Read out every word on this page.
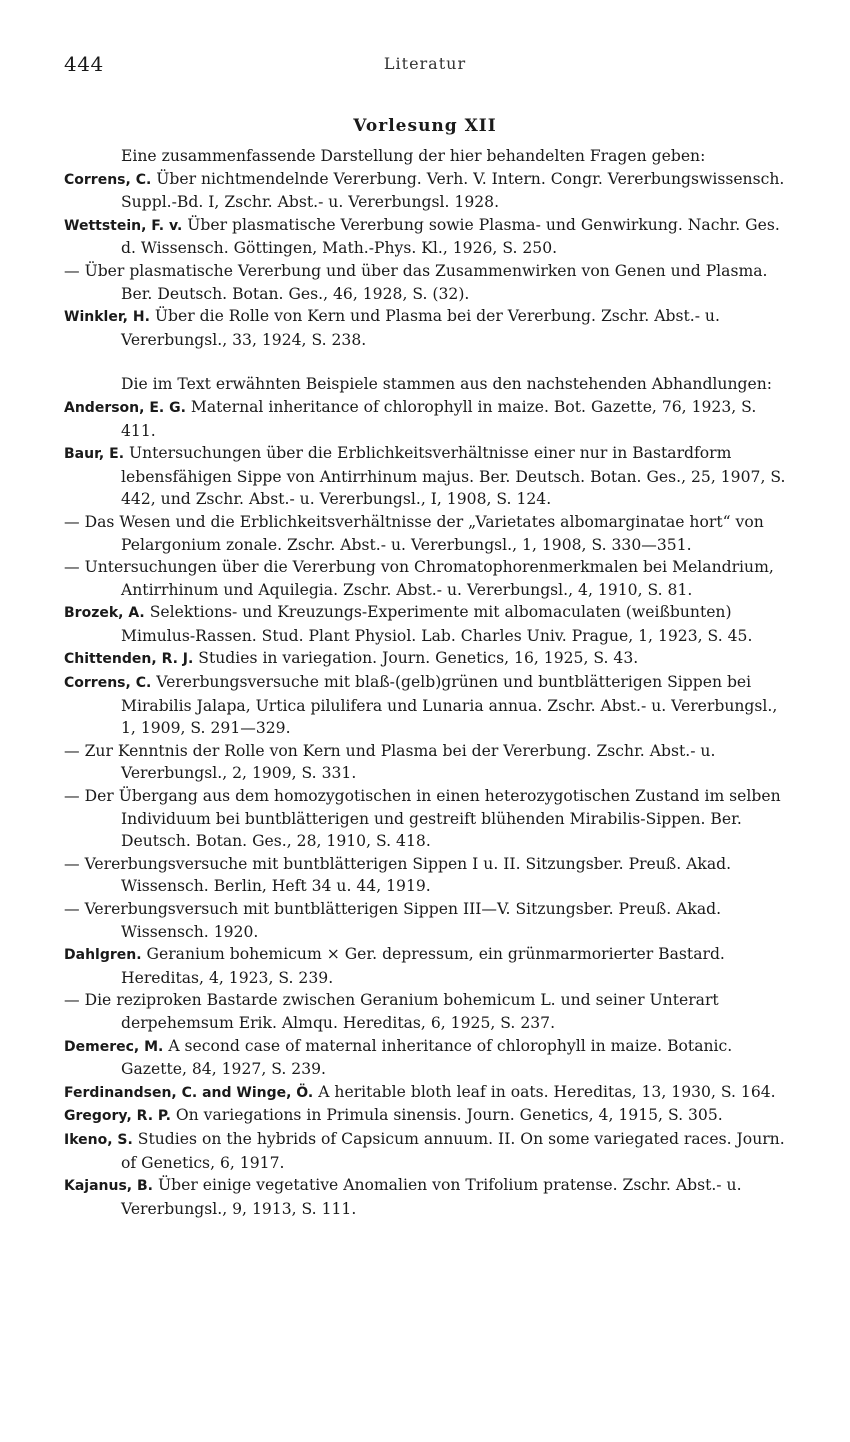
444	Literatur
Vorlesung XII

Eine zusammenfassende Darstellung der hier behandelten Fragen geben:

Correns, C. Über nichtmendelnde Vererbung. Verh. V. Intern. Congr. Vererbungswissensch. Suppl.-Bd. I, Zschr. Abst.- u. Vererbungsl. 1928.

Wettstein, F. v. Über plasmatische Vererbung sowie Plasma- und Genwirkung. Nachr. Ges. d. Wissensch. Göttingen, Math.-Phys. Kl., 1926, S. 250.

— Über plasmatische Vererbung und über das Zusammenwirken von Genen und Plasma. Ber. Deutsch. Botan. Ges., 46, 1928, S. (32).

Winkler, H. Über die Rolle von Kern und Plasma bei der Vererbung. Zschr. Abst.- u. Vererbungsl., 33, 1924, S. 238.

Die im Text erwähnten Beispiele stammen aus den nachstehenden Abhandlungen:

Anderson, E. G. Maternal inheritance of chlorophyll in maize. Bot. Gazette, 76, 1923, S. 411.

Baur, E. Untersuchungen über die Erblichkeitsverhältnisse einer nur in Bastardform lebensfähigen Sippe von Antirrhinum majus. Ber. Deutsch. Botan. Ges., 25, 1907, S. 442, und Zschr. Abst.- u. Vererbungsl., I, 1908, S. 124.

— Das Wesen und die Erblichkeitsverhältnisse der „Varietates albomarginatae hort“ von Pelargonium zonale. Zschr. Abst.- u. Vererbungsl., 1, 1908, S. 330—351.

— Untersuchungen über die Vererbung von Chromatophorenmerkmalen bei Melandrium, Antirrhinum und Aquilegia. Zschr. Abst.- u. Vererbungsl., 4, 1910, S. 81.

Brozek, A. Selektions- und Kreuzungs-Experimente mit albomaculaten (weißbunten) Mimulus-Rassen. Stud. Plant Physiol. Lab. Charles Univ. Prague, 1, 1923, S. 45.

Chittenden, R. J. Studies in variegation. Journ. Genetics, 16, 1925, S. 43.

Correns, C. Vererbungsversuche mit blaß-(gelb)grünen und buntblätterigen Sippen bei Mirabilis Jalapa, Urtica pilulifera und Lunaria annua. Zschr. Abst.- u. Vererbungsl., 1, 1909, S. 291—329.

— Zur Kenntnis der Rolle von Kern und Plasma bei der Vererbung. Zschr. Abst.- u. Vererbungsl., 2, 1909, S. 331.

— Der Übergang aus dem homozygotischen in einen heterozygotischen Zustand im selben Individuum bei buntblätterigen und gestreift blühenden Mirabilis-Sippen. Ber. Deutsch. Botan. Ges., 28, 1910, S. 418.

— Vererbungsversuche mit buntblätterigen Sippen I u. II. Sitzungsber. Preuß. Akad. Wissensch. Berlin, Heft 34 u. 44, 1919.

— Vererbungsversuch mit buntblätterigen Sippen III—V. Sitzungsber. Preuß. Akad. Wissensch. 1920.

Dahlgren. Geranium bohemicum × Ger. depressum, ein grünmarmorierter Bastard. Hereditas, 4, 1923, S. 239.

— Die reziproken Bastarde zwischen Geranium bohemicum L. und seiner Unterart derpehemsum Erik. Almqu. Hereditas, 6, 1925, S. 237.

Demerec, M. A second case of maternal inheritance of chlorophyll in maize. Botanic. Gazette, 84, 1927, S. 239.

Ferdinandsen, C. and Winge, Ö. A heritable bloth leaf in oats. Hereditas, 13, 1930, S. 164.

Gregory, R. P. On variegations in Primula sinensis. Journ. Genetics, 4, 1915, S. 305.

Ikeno, S. Studies on the hybrids of Capsicum annuum. II. On some variegated races. Journ. of Genetics, 6, 1917.

Kajanus, B. Über einige vegetative Anomalien von Trifolium pratense. Zschr. Abst.- u. Vererbungsl., 9, 1913, S. 111.
